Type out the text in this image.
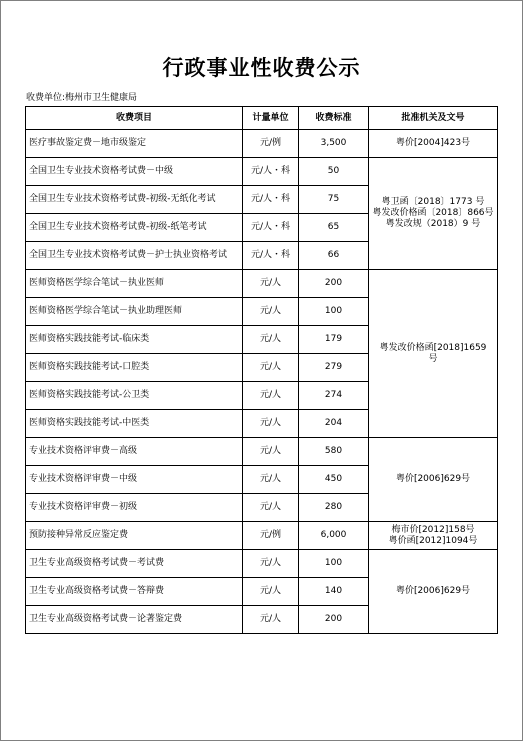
行政事业性收费公示
收费单位:梅州市卫生健康局
收费项目	计量单位	收费标准	批准机关及文号
医疗事故鉴定费－地市级鉴定	元/例	3,500	粤价[2004]423号

全国卫生专业技术资格考试费－中级	元/人・科	50	粤卫函〔2018〕1773 号
粤发改价格函〔2018〕866号
粤发改规（2018）9 号

全国卫生专业技术资格考试费-初级-无纸化考试	元/人・科	75	
全国卫生专业技术资格考试费-初级-纸笔考试	元/人・科	65	
全国卫生专业技术资格考试费－护士执业资格考试	元/人・科	66	
医师资格医学综合笔试－执业医师	元/人	200	粤发改价格函[2018]1659
号

医师资格医学综合笔试－执业助理医师	元/人	100	
医师资格实践技能考试-临床类	元/人	179	
医师资格实践技能考试-口腔类	元/人	279	
医师资格实践技能考试-公卫类	元/人	274	
医师资格实践技能考试-中医类	元/人	204	
专业技术资格评审费－高级	元/人	580	粤价[2006]629号

专业技术资格评审费－中级	元/人	450	
专业技术资格评审费－初级	元/人	280	
预防接种异常反应鉴定费	元/例	6,000	梅市价[2012]158号
粤价函[2012]1094号

卫生专业高级资格考试费－考试费	元/人	100	粤价[2006]629号

卫生专业高级资格考试费－答辩费	元/人	140	
卫生专业高级资格考试费－论著鉴定费	元/人	200	
